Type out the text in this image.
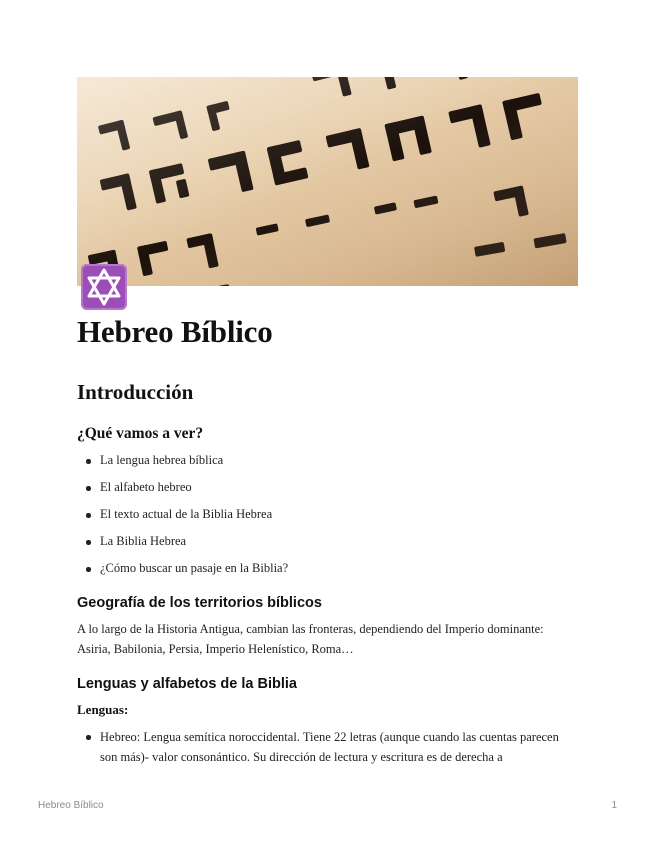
Hebreo Bíblico
Introducción
¿Qué vamos a ver?
La lengua hebrea bíblica
El alfabeto hebreo
El texto actual de la Biblia Hebrea
La Biblia Hebrea
¿Cómo buscar un pasaje en la Biblia?
Geografía de los territorios bíblicos

A lo largo de la Historia Antigua, cambian las fronteras, dependiendo del Imperio dominante: Asiria, Babilonia, Persia, Imperio Helenístico, Roma…

Lenguas y alfabetos de la Biblia

Lenguas:

Hebreo: Lengua semítica noroccidental. Tiene 22 letras (aunque cuando las cuentas parecen son más)- valor consonántico. Su dirección de lectura y escritura es de derecha a
Hebreo Bíblico	1
